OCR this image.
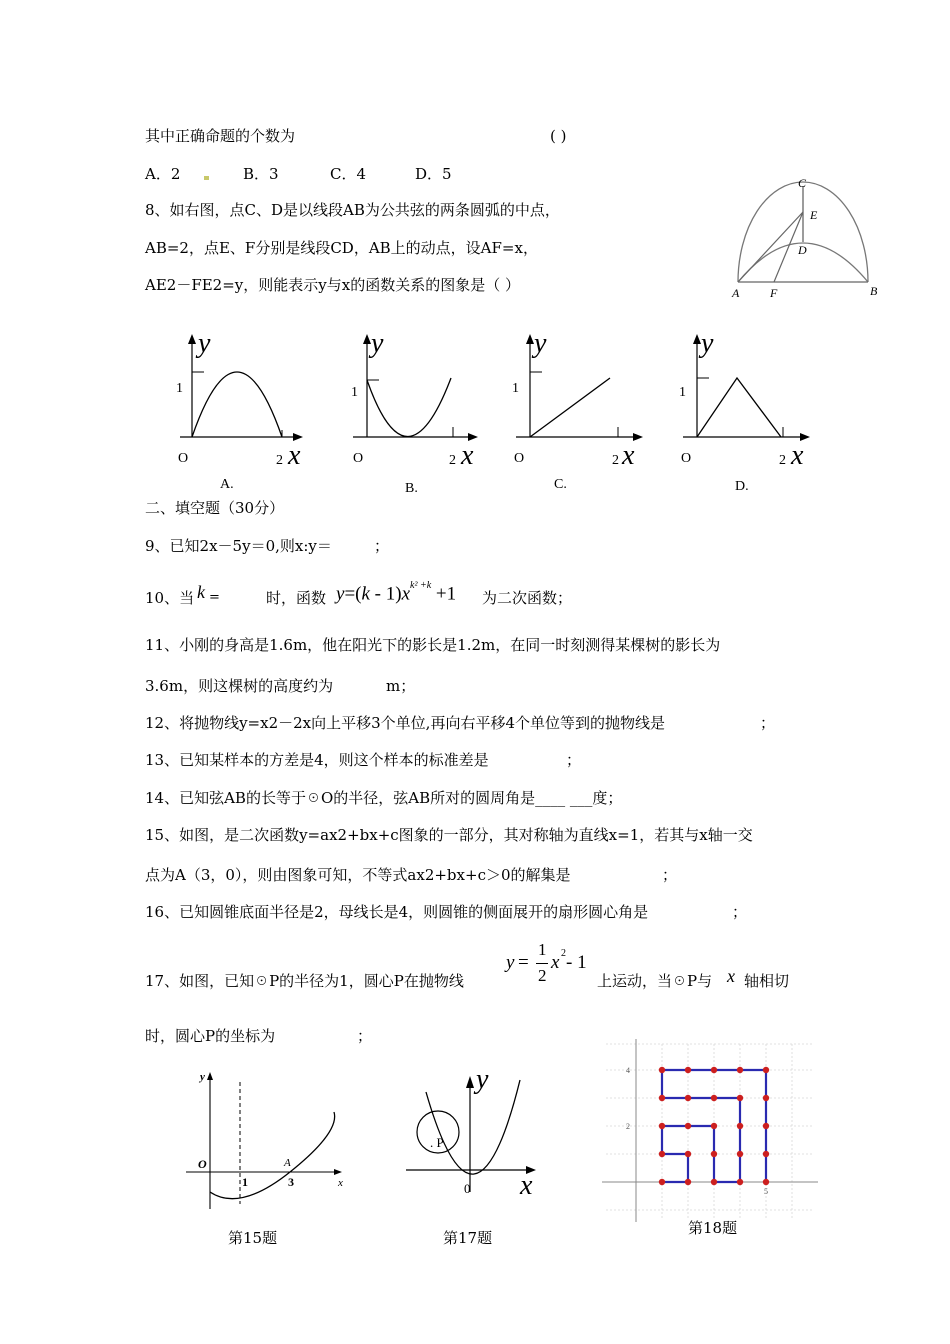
其中正确命题的个数为	( )
A．2	B．3	C．4	D．5
8、如右图，点C、D是以线段AB为公共弦的两条圆弧的中点，
AB=2，点E、F分别是线段CD，AB上的动点，设AF=x，
AE2－FE2=y，则能表示y与x的函数关系的图象是（ ）
C
E
D
A	F	B
y
x
1
O	2
A.
y
x
1
O	2
B.
y
x
1
O	2
C.
y
x
1
O	2
D.
二、填空题（30分）
9、已知2x－5y＝0,则x:y＝	；
10、当 k =	时，函数 $y=(k - 1)x^{k^2 +k} +1$ 为二次函数；
11、小刚的身高是1.6m，他在阳光下的影长是1.2m，在同一时刻测得某棵树的影长为
3.6m，则这棵树的高度约为	m；
12、将抛物线y=x2－2x向上平移3个单位,再向右平移4个单位等到的抛物线是	；
13、已知某样本的方差是4，则这个样本的标准差是	；
14、已知弦AB的长等于☉O的半径，弦AB所对的圆周角是____ ___度；
15、如图，是二次函数y=ax2+bx+c图象的一部分，其对称轴为直线x=1，若其与x轴一交
点为A（3，0），则由图象可知，不等式ax2+bx+c＞0的解集是	；
16、已知圆锥底面半径是2，母线长是4，则圆锥的侧面展开的扇形圆心角是	；
17、如图，已知☉P的半径为1，圆心P在抛物线
y =
1
2
x 2 - 1
上运动，当☉P与 x 轴相切
时，圆心P的坐标为	；
y
O	A
1	3	x
第15题
y
. P
0 x
第17题
4
2
5
第18题
